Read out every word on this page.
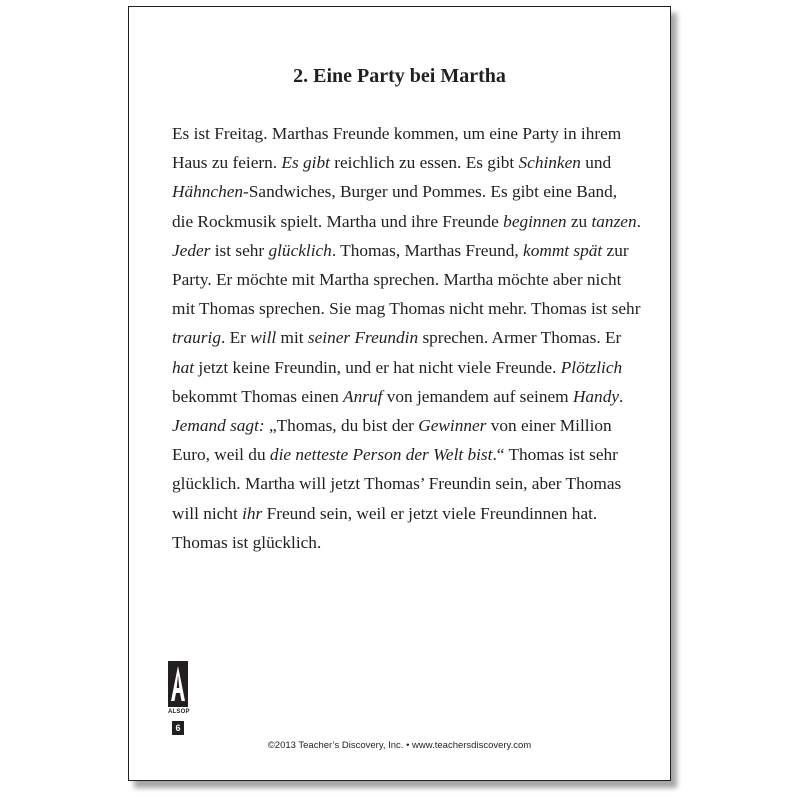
2. Eine Party bei Martha

Es ist Freitag. Marthas Freunde kommen, um eine Party in ihrem Haus zu feiern. Es gibt reichlich zu essen. Es gibt Schinken und Hähnchen-Sandwiches, Burger und Pommes. Es gibt eine Band, die Rockmusik spielt. Martha und ihre Freunde beginnen zu tanzen. Jeder ist sehr glücklich. Thomas, Marthas Freund, kommt spät zur Party. Er möchte mit Martha sprechen. Martha möchte aber nicht mit Thomas sprechen. Sie mag Thomas nicht mehr. Thomas ist sehr traurig. Er will mit seiner Freundin sprechen. Armer Thomas. Er hat jetzt keine Freundin, und er hat nicht viele Freunde. Plötzlich bekommt Thomas einen Anruf von jemandem auf seinem Handy. Jemand sagt: „Thomas, du bist der Gewinner von einer Million Euro, weil du die netteste Person der Welt bist.“ Thomas ist sehr glücklich. Martha will jetzt Thomas’ Freundin sein, aber Thomas will nicht ihr Freund sein, weil er jetzt viele Freundinnen hat. Thomas ist glücklich.

ALSOP
6
©2013 Teacher’s Discovery, Inc. • www.teachersdiscovery.com
